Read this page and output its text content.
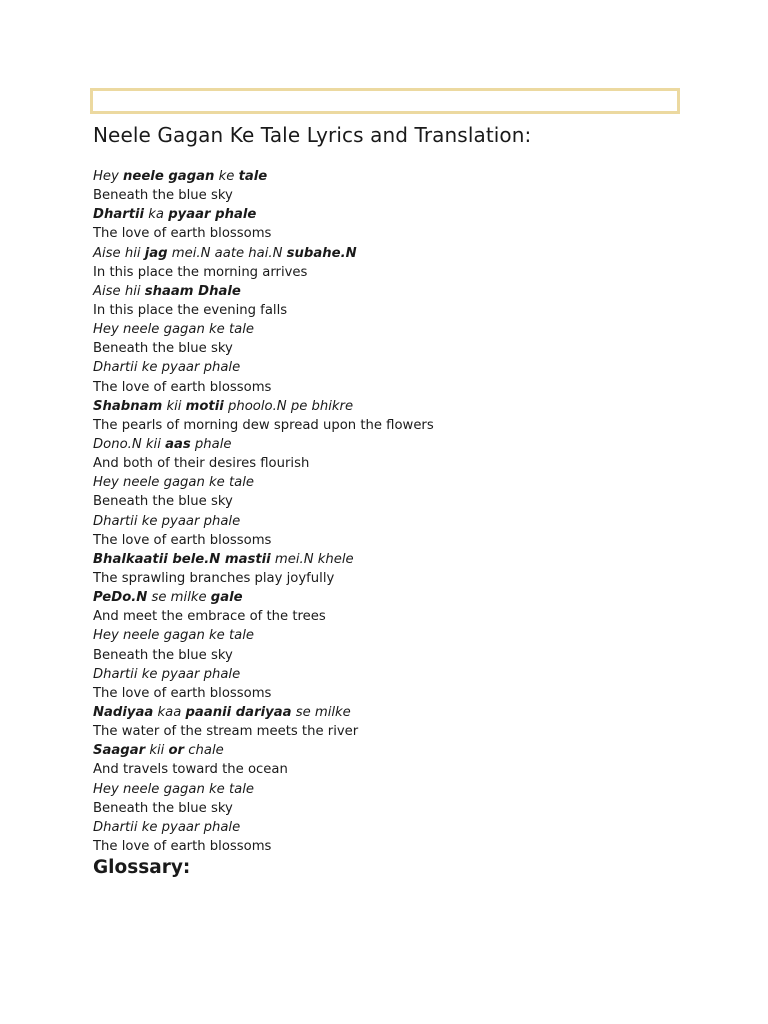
Neele Gagan Ke Tale Lyrics and Translation:
Hey neele gagan ke tale
Beneath the blue sky
Dhartii ka pyaar phale
The love of earth blossoms
Aise hii jag mei.N aate hai.N subahe.N
In this place the morning arrives
Aise hii shaam Dhale
In this place the evening falls
Hey neele gagan ke tale
Beneath the blue sky
Dhartii ke pyaar phale
The love of earth blossoms
Shabnam kii motii phoolo.N pe bhikre
The pearls of morning dew spread upon the flowers
Dono.N kii aas phale
And both of their desires flourish
Hey neele gagan ke tale
Beneath the blue sky
Dhartii ke pyaar phale
The love of earth blossoms
Bhalkaatii bele.N mastii mei.N khele
The sprawling branches play joyfully
PeDo.N se milke gale
And meet the embrace of the trees
Hey neele gagan ke tale
Beneath the blue sky
Dhartii ke pyaar phale
The love of earth blossoms
Nadiyaa kaa paanii dariyaa se milke
The water of the stream meets the river
Saagar kii or chale
And travels toward the ocean
Hey neele gagan ke tale
Beneath the blue sky
Dhartii ke pyaar phale
The love of earth blossoms
Glossary:
